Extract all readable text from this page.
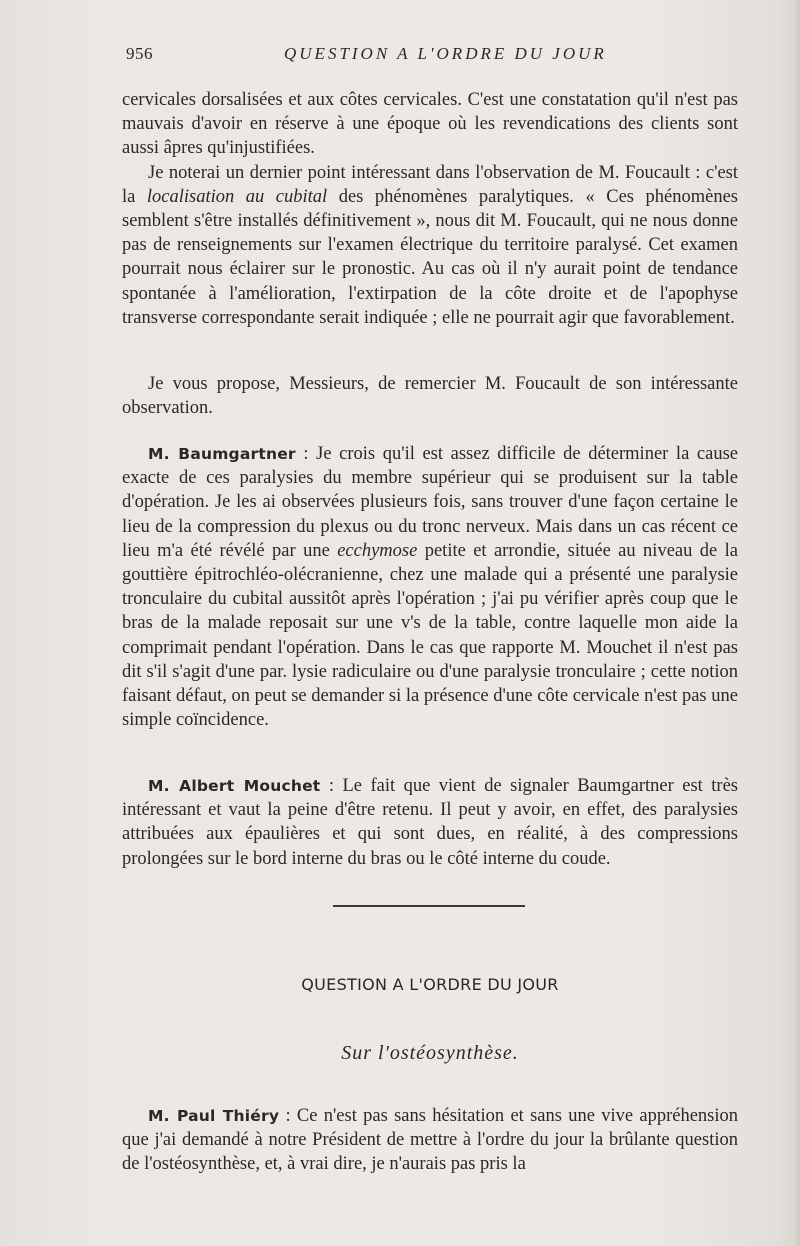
956	QUESTION A L'ORDRE DU JOUR

cervicales dorsalisées et aux côtes cervicales. C'est une constatation qu'il n'est pas mauvais d'avoir en réserve à une époque où les revendications des clients sont aussi âpres qu'injustifiées.

Je noterai un dernier point intéressant dans l'observation de M. Foucault : c'est la localisation au cubital des phénomènes paralytiques. « Ces phénomènes semblent s'être installés définitivement », nous dit M. Foucault, qui ne nous donne pas de renseignements sur l'examen électrique du territoire paralysé. Cet examen pourrait nous éclairer sur le pronostic. Au cas où il n'y aurait point de tendance spontanée à l'amélioration, l'extirpation de la côte droite et de l'apophyse transverse correspondante serait indiquée ; elle ne pourrait agir que favorablement.

Je vous propose, Messieurs, de remercier M. Foucault de son intéressante observation.

M. Baumgartner : Je crois qu'il est assez difficile de déterminer la cause exacte de ces paralysies du membre supérieur qui se produisent sur la table d'opération. Je les ai observées plusieurs fois, sans trouver d'une façon certaine le lieu de la compression du plexus ou du tronc nerveux. Mais dans un cas récent ce lieu m'a été révélé par une ecchymose petite et arrondie, située au niveau de la gouttière épitrochléo-olécranienne, chez une malade qui a présenté une paralysie tronculaire du cubital aussitôt après l'opération ; j'ai pu vérifier après coup que le bras de la malade reposait sur une v's de la table, contre laquelle mon aide la comprimait pendant l'opération. Dans le cas que rapporte M. Mouchet il n'est pas dit s'il s'agit d'une par. lysie radiculaire ou d'une paralysie tronculaire ; cette notion faisant défaut, on peut se demander si la présence d'une côte cervicale n'est pas une simple coïncidence.

M. Albert Mouchet : Le fait que vient de signaler Baumgartner est très intéressant et vaut la peine d'être retenu. Il peut y avoir, en effet, des paralysies attribuées aux épaulières et qui sont dues, en réalité, à des compressions prolongées sur le bord interne du bras ou le côté interne du coude.

QUESTION A L'ORDRE DU JOUR
Sur l'ostéosynthèse.

M. Paul Thiéry : Ce n'est pas sans hésitation et sans une vive appréhension que j'ai demandé à notre Président de mettre à l'ordre du jour la brûlante question de l'ostéosynthèse, et, à vrai dire, je n'aurais pas pris la
